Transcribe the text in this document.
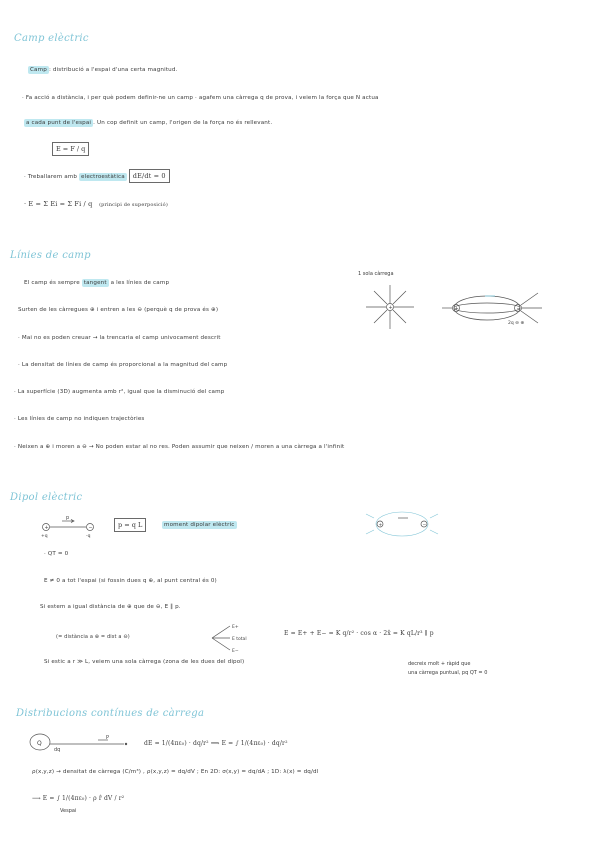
Camp elèctric
Camp : distribució a l'espai d'una certa magnitud.
· Fa acció a distància, i per què podem definir-ne un camp · agafem una càrrega q de prova, i veiem la força que N actua
a cada punt de l'espai . Un cop definit un camp, l'origen de la força no és rellevant.
E = F / q
· Treballarem amb electroestàtica dE/dt = 0
· E = Σ Ei = Σ Fi / q (principi de superposició)
Línies de camp
El camp és sempre tangent a les línies de camp
Surten de les càrregues ⊕ i entren a les ⊖ (perquè q de prova és ⊕)
· Mai no es poden creuar → la trencaria el camp univocament descrit
· La densitat de línies de camp és proporcional a la magnitud del camp
· La superfície (3D) augmenta amb r², igual que la disminució del camp
· Les línies de camp no indiquen trajectòries
· Neixen a ⊕ i moren a ⊖ → No poden estar al no res. Poden assumir que neixen / moren a una càrrega a l'infinit
1 sola càrrega
+	+	−
2q ⊖ ⊕
Dipol elèctric
+	−
p
+q	-q
p = q L	moment dipolar elèctric	+	−
· QT = 0
E ≠ 0 a tot l'espai (si fossin dues q ⊕, al punt central és 0)
Si estem a igual distància de ⊕ que de ⊖, E ∥ p.
(= distància a ⊕ = dist a ⊖)
E+
E total
E−
E = E+ + E− = K q/r² · cos α · 2x̂ = K qL/r³ ∥ p
Si estic a r ≫ L, veiem una sola càrrega (zona de les dues del dipol)	decreix molt + ràpid que
una càrrega puntual, pq QT = 0
Distribucions contínues de càrrega
Q
dq
P
dE = 1/(4πε₀) · dq/r² ⟹ E = ∫ 1/(4πε₀) · dq/r²
ρ(x,y,z) → densitat de càrrega (C/m³) , ρ(x,y,z) = dq/dV ; En 2D: σ(x,y) = dq/dA ; 1D: λ(x) = dq/dl
⟶ E = ∫ 1/(4πε₀) · ρ r̂ dV / r²
Vespai
